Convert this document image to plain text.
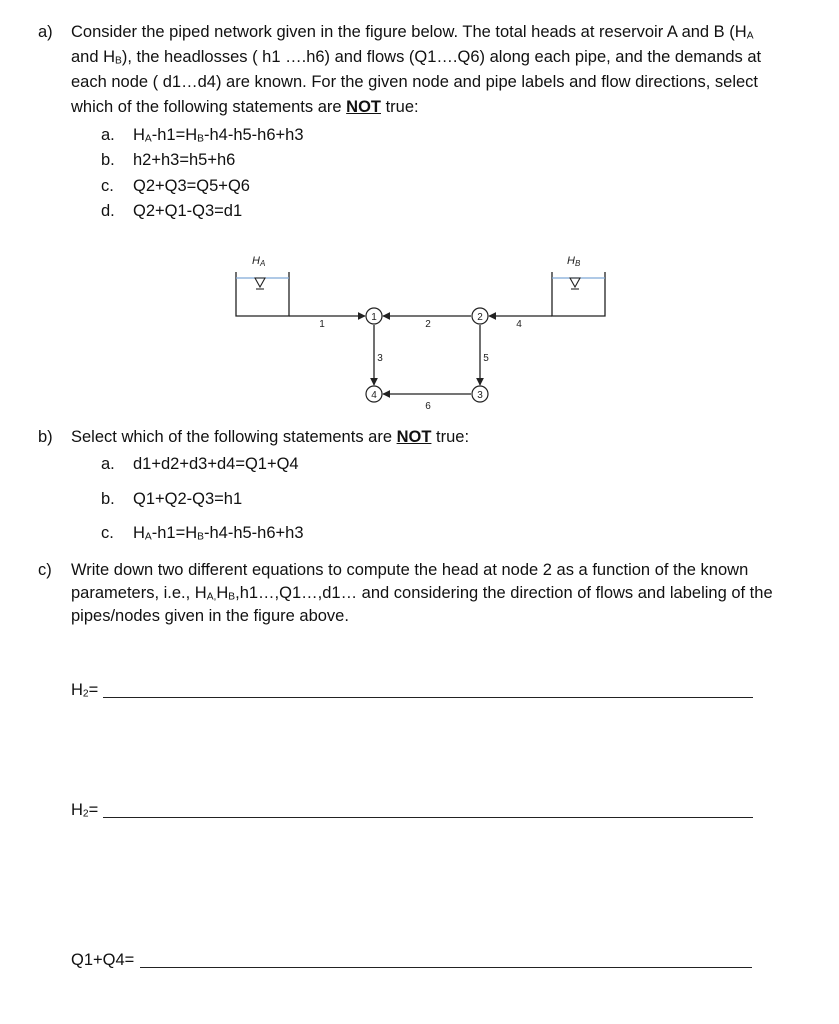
a) Consider the piped network given in the figure below. The total heads at reservoir A and B ($H_A$
and $H_B$), the headlosses ( h1 ….h6) and flows (Q1….Q6) along each pipe, and the demands at
each node ( d1…d4) are known. For the given node and pipe labels and flow directions, select
which of the following statements are NOT true:
a. $H_A-h1=H_B-h4-h5-h6+h3$
b. h2+h3=h5+h6
c. Q2+Q3=Q5+Q6
d. Q2+Q1-Q3=d1
HA	HB
1	2
3
4
1	2
3
4
5
6
b) Select which of the following statements are NOT true:
a. d1+d2+d3+d4=Q1+Q4
b. Q1+Q2-Q3=h1
c. $H_A-h1=H_B-h4-h5-h6+h3$
c) Write down two different equations to compute the head at node 2 as a function of the known
parameters, i.e., $H_{A,}H_B,h1\dots,Q1\dots,d1\dots$ and considering the direction of flows and labeling of the
pipes/nodes given in the figure above.
$H_2=$
$H_2=$
Q1+Q4=
